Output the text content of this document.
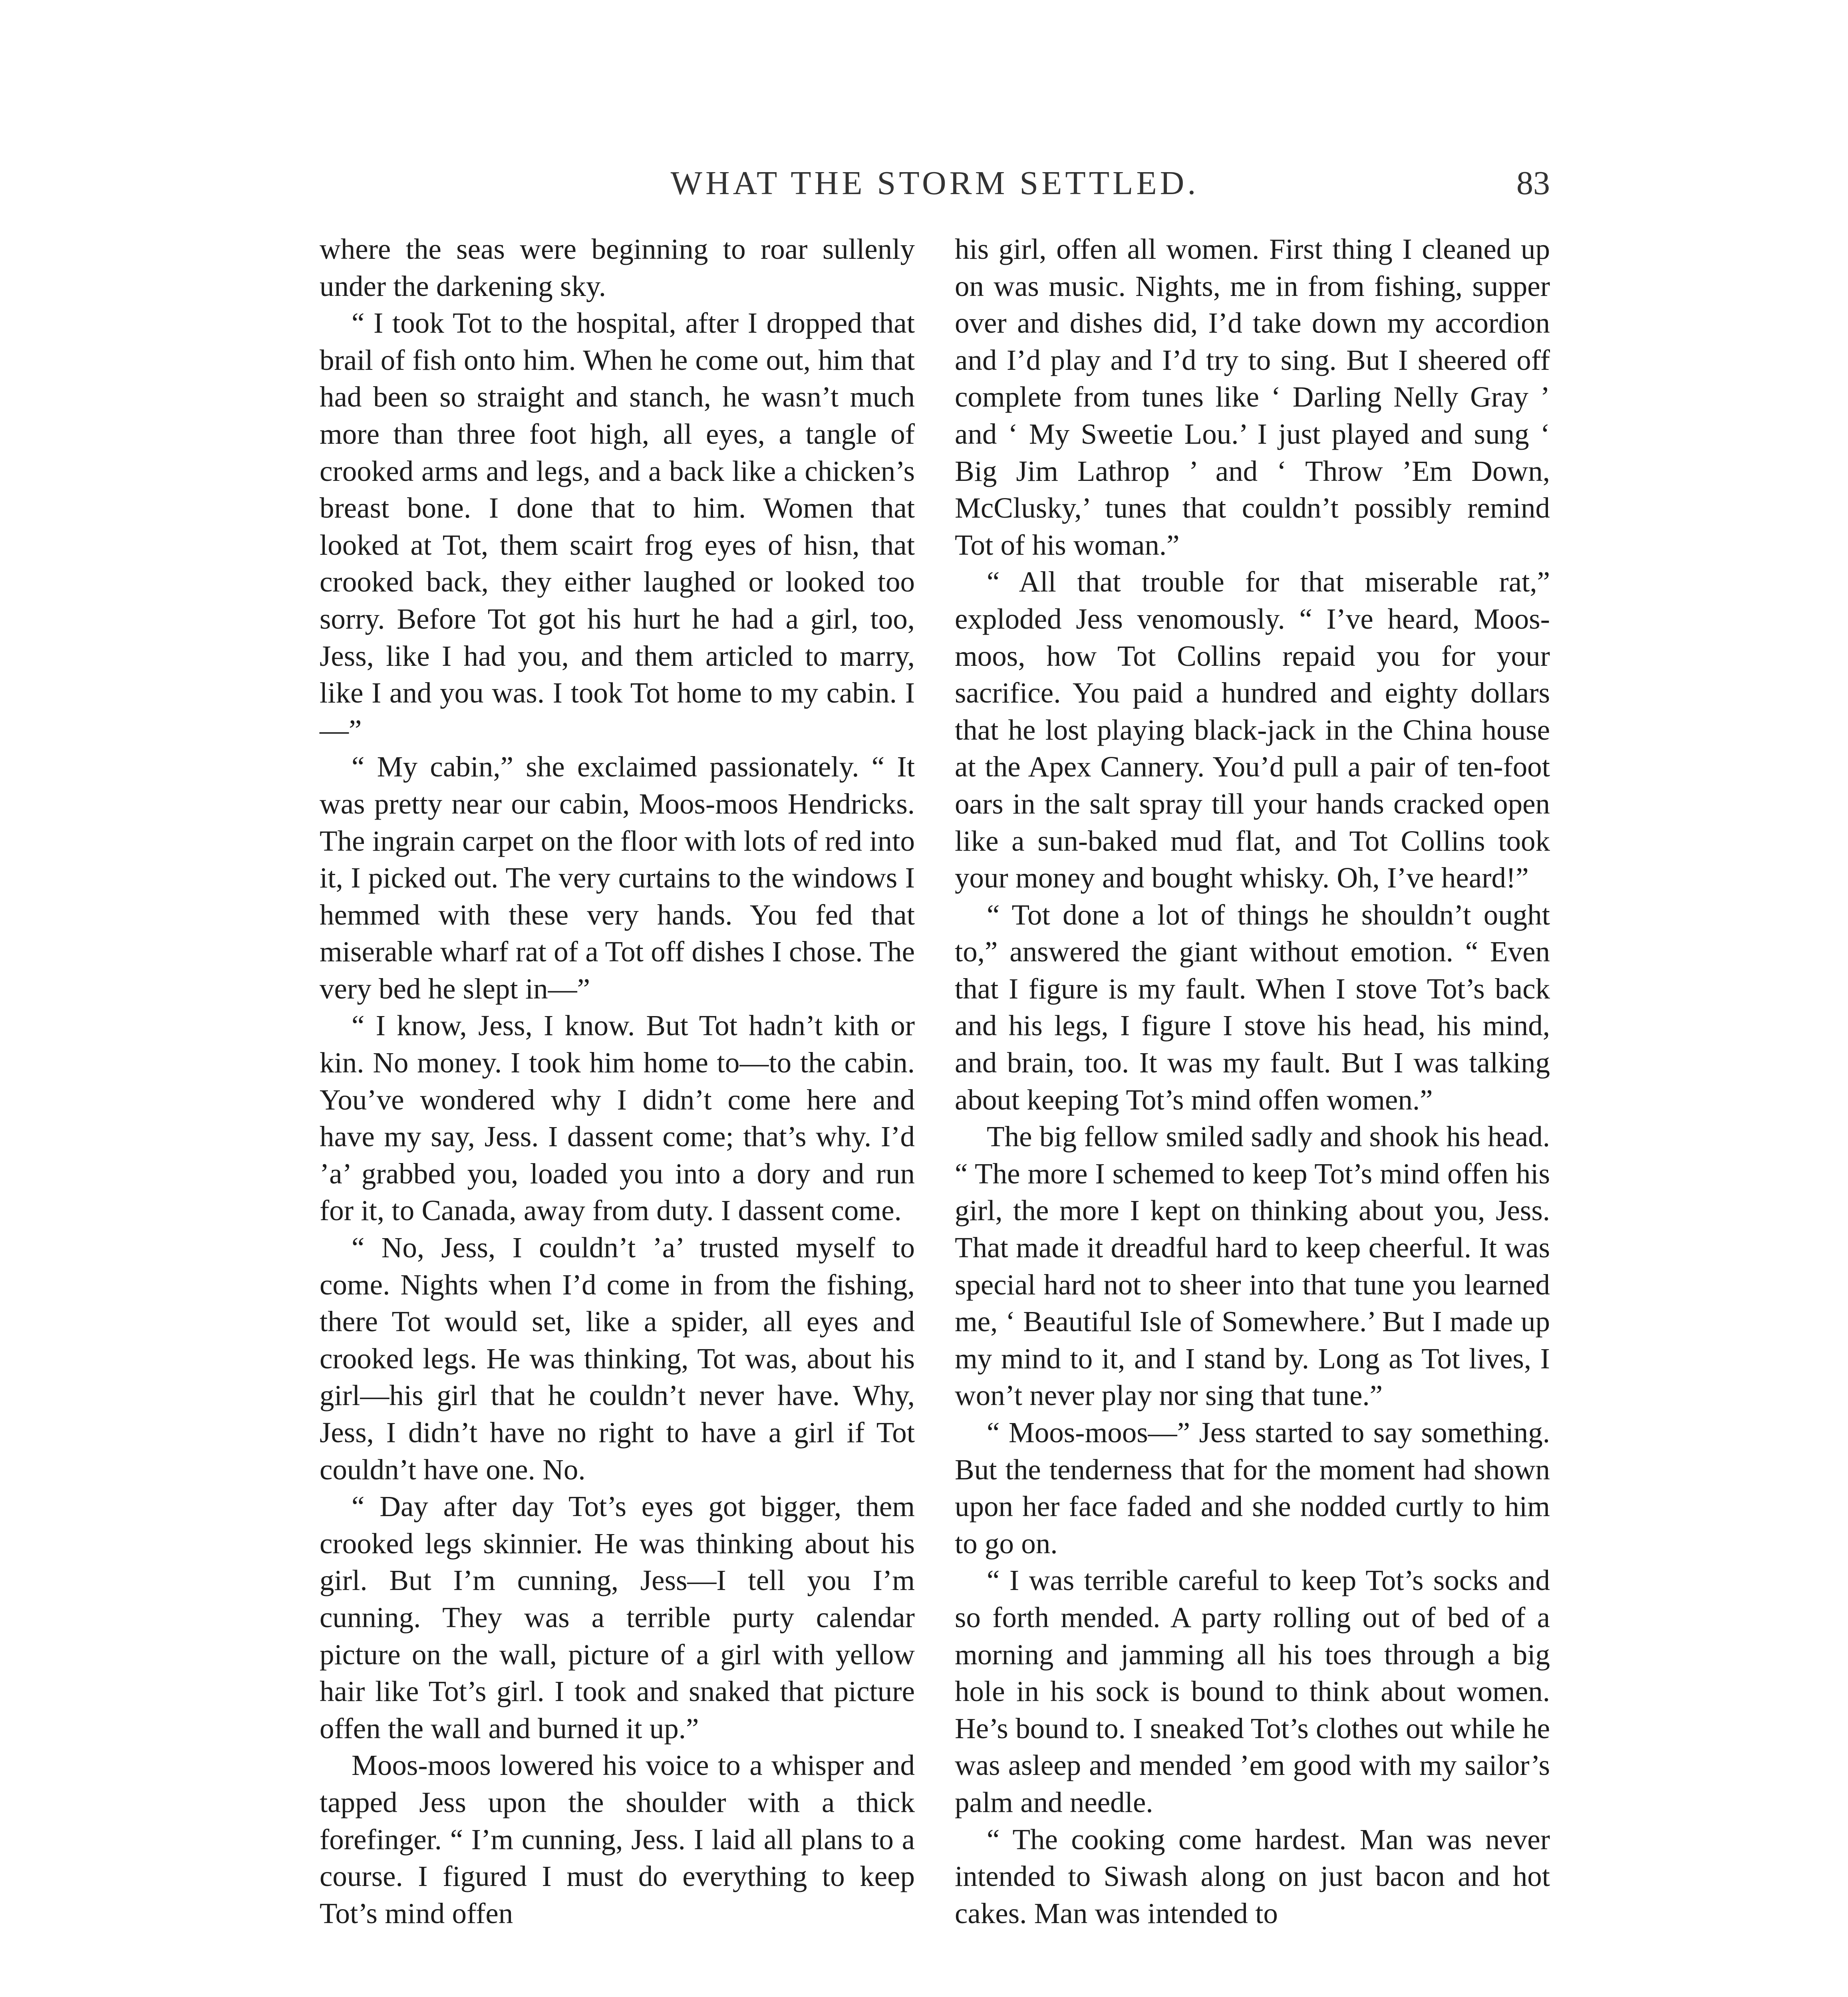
WHAT THE STORM SETTLED.	83

where the seas were beginning to roar sullenly under the darkening sky.

“ I took Tot to the hospital, after I dropped that brail of fish onto him. When he come out, him that had been so straight and stanch, he wasn’t much more than three foot high, all eyes, a tangle of crooked arms and legs, and a back like a chicken’s breast bone. I done that to him. Women that looked at Tot, them scairt frog eyes of hisn, that crooked back, they either laughed or looked too sorry. Before Tot got his hurt he had a girl, too, Jess, like I had you, and them articled to marry, like I and you was. I took Tot home to my cabin. I—”

“ My cabin,” she exclaimed passionately. “ It was pretty near our cabin, Moos-moos Hendricks. The ingrain carpet on the floor with lots of red into it, I picked out. The very curtains to the windows I hemmed with these very hands. You fed that miserable wharf rat of a Tot off dishes I chose. The very bed he slept in—”

“ I know, Jess, I know. But Tot hadn’t kith or kin. No money. I took him home to—to the cabin. You’ve wondered why I didn’t come here and have my say, Jess. I dassent come; that’s why. I’d ’a’ grabbed you, loaded you into a dory and run for it, to Canada, away from duty. I dassent come.

“ No, Jess, I couldn’t ’a’ trusted myself to come. Nights when I’d come in from the fishing, there Tot would set, like a spider, all eyes and crooked legs. He was thinking, Tot was, about his girl—his girl that he couldn’t never have. Why, Jess, I didn’t have no right to have a girl if Tot couldn’t have one. No.

“ Day after day Tot’s eyes got bigger, them crooked legs skinnier. He was thinking about his girl. But I’m cunning, Jess—I tell you I’m cunning. They was a terrible purty calendar picture on the wall, picture of a girl with yellow hair like Tot’s girl. I took and snaked that picture offen the wall and burned it up.”

Moos-moos lowered his voice to a whisper and tapped Jess upon the shoulder with a thick forefinger. “ I’m cunning, Jess. I laid all plans to a course. I figured I must do everything to keep Tot’s mind offen

his girl, offen all women. First thing I cleaned up on was music. Nights, me in from fishing, supper over and dishes did, I’d take down my accordion and I’d play and I’d try to sing. But I sheered off complete from tunes like ‘ Darling Nelly Gray ’ and ‘ My Sweetie Lou.’ I just played and sung ‘ Big Jim Lathrop ’ and ‘ Throw ’Em Down, McClusky,’ tunes that couldn’t possibly remind Tot of his woman.”

“ All that trouble for that miserable rat,” exploded Jess venomously. “ I’ve heard, Moos-moos, how Tot Collins repaid you for your sacrifice. You paid a hundred and eighty dollars that he lost playing black-jack in the China house at the Apex Cannery. You’d pull a pair of ten-foot oars in the salt spray till your hands cracked open like a sun-baked mud flat, and Tot Collins took your money and bought whisky. Oh, I’ve heard!”

“ Tot done a lot of things he shouldn’t ought to,” answered the giant without emotion. “ Even that I figure is my fault. When I stove Tot’s back and his legs, I figure I stove his head, his mind, and brain, too. It was my fault. But I was talking about keeping Tot’s mind offen women.”

The big fellow smiled sadly and shook his head. “ The more I schemed to keep Tot’s mind offen his girl, the more I kept on thinking about you, Jess. That made it dreadful hard to keep cheerful. It was special hard not to sheer into that tune you learned me, ‘ Beautiful Isle of Somewhere.’ But I made up my mind to it, and I stand by. Long as Tot lives, I won’t never play nor sing that tune.”

“ Moos-moos—” Jess started to say something. But the tenderness that for the moment had shown upon her face faded and she nodded curtly to him to go on.

“ I was terrible careful to keep Tot’s socks and so forth mended. A party rolling out of bed of a morning and jamming all his toes through a big hole in his sock is bound to think about women. He’s bound to. I sneaked Tot’s clothes out while he was asleep and mended ’em good with my sailor’s palm and needle.

“ The cooking come hardest. Man was never intended to Siwash along on just bacon and hot cakes. Man was intended to
